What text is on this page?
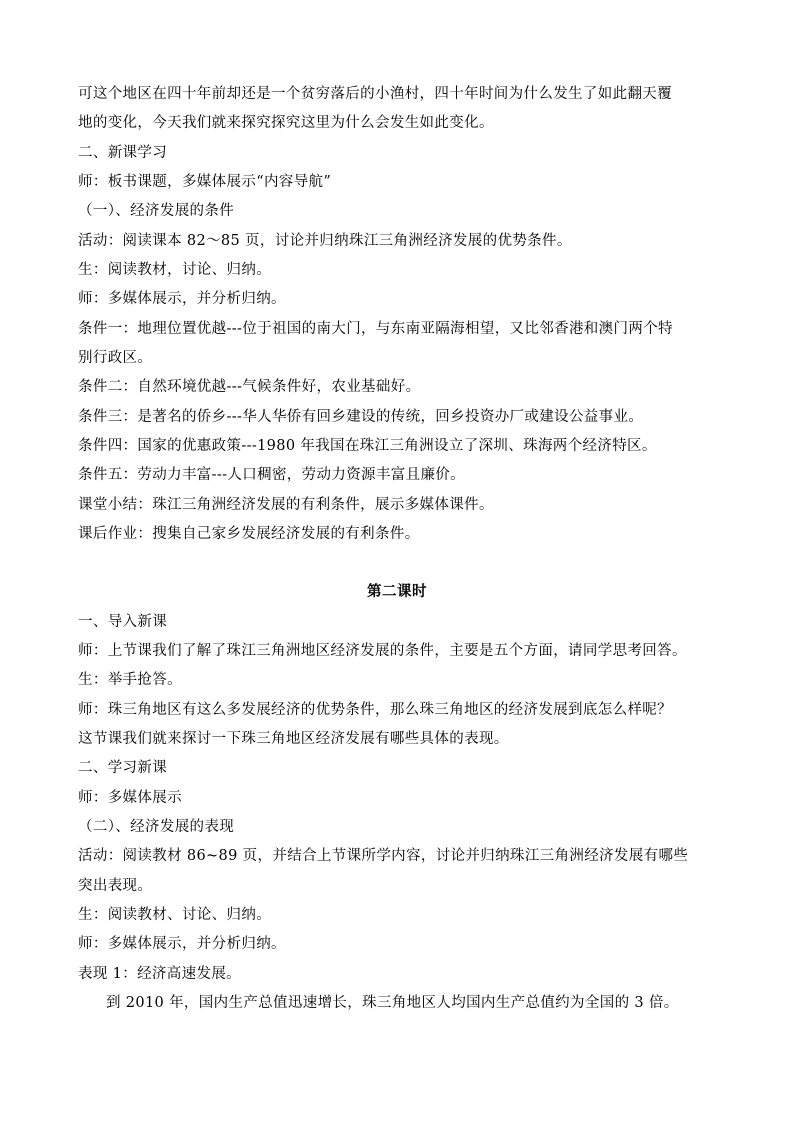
可这个地区在四十年前却还是一个贫穷落后的小渔村，四十年时间为什么发生了如此翻天覆
地的变化，今天我们就来探究探究这里为什么会发生如此变化。
二、新课学习
师：板书课题，多媒体展示“内容导航”
（一）、经济发展的条件
活动：阅读课本 82～85 页，讨论并归纳珠江三角洲经济发展的优势条件。
生：阅读教材，讨论、归纳。
师：多媒体展示，并分析归纳。
条件一：地理位置优越---位于祖国的南大门，与东南亚隔海相望，又比邻香港和澳门两个特
别行政区。
条件二：自然环境优越---气候条件好，农业基础好。
条件三：是著名的侨乡---华人华侨有回乡建设的传统，回乡投资办厂或建设公益事业。
条件四：国家的优惠政策---1980 年我国在珠江三角洲设立了深圳、珠海两个经济特区。
条件五：劳动力丰富---人口稠密，劳动力资源丰富且廉价。
课堂小结：珠江三角洲经济发展的有利条件，展示多媒体课件。
课后作业：搜集自己家乡发展经济发展的有利条件。
第二课时
一、导入新课
师：上节课我们了解了珠江三角洲地区经济发展的条件，主要是五个方面，请同学思考回答。
生：举手抢答。
师：珠三角地区有这么多发展经济的优势条件，那么珠三角地区的经济发展到底怎么样呢？
这节课我们就来探讨一下珠三角地区经济发展有哪些具体的表现。
二、学习新课
师：多媒体展示
（二）、经济发展的表现
活动：阅读教材 86~89 页，并结合上节课所学内容，讨论并归纳珠江三角洲经济发展有哪些
突出表现。
生：阅读教材、讨论、归纳。
师：多媒体展示，并分析归纳。
表现 1：经济高速发展。
到 2010 年，国内生产总值迅速增长，珠三角地区人均国内生产总值约为全国的 3 倍。
